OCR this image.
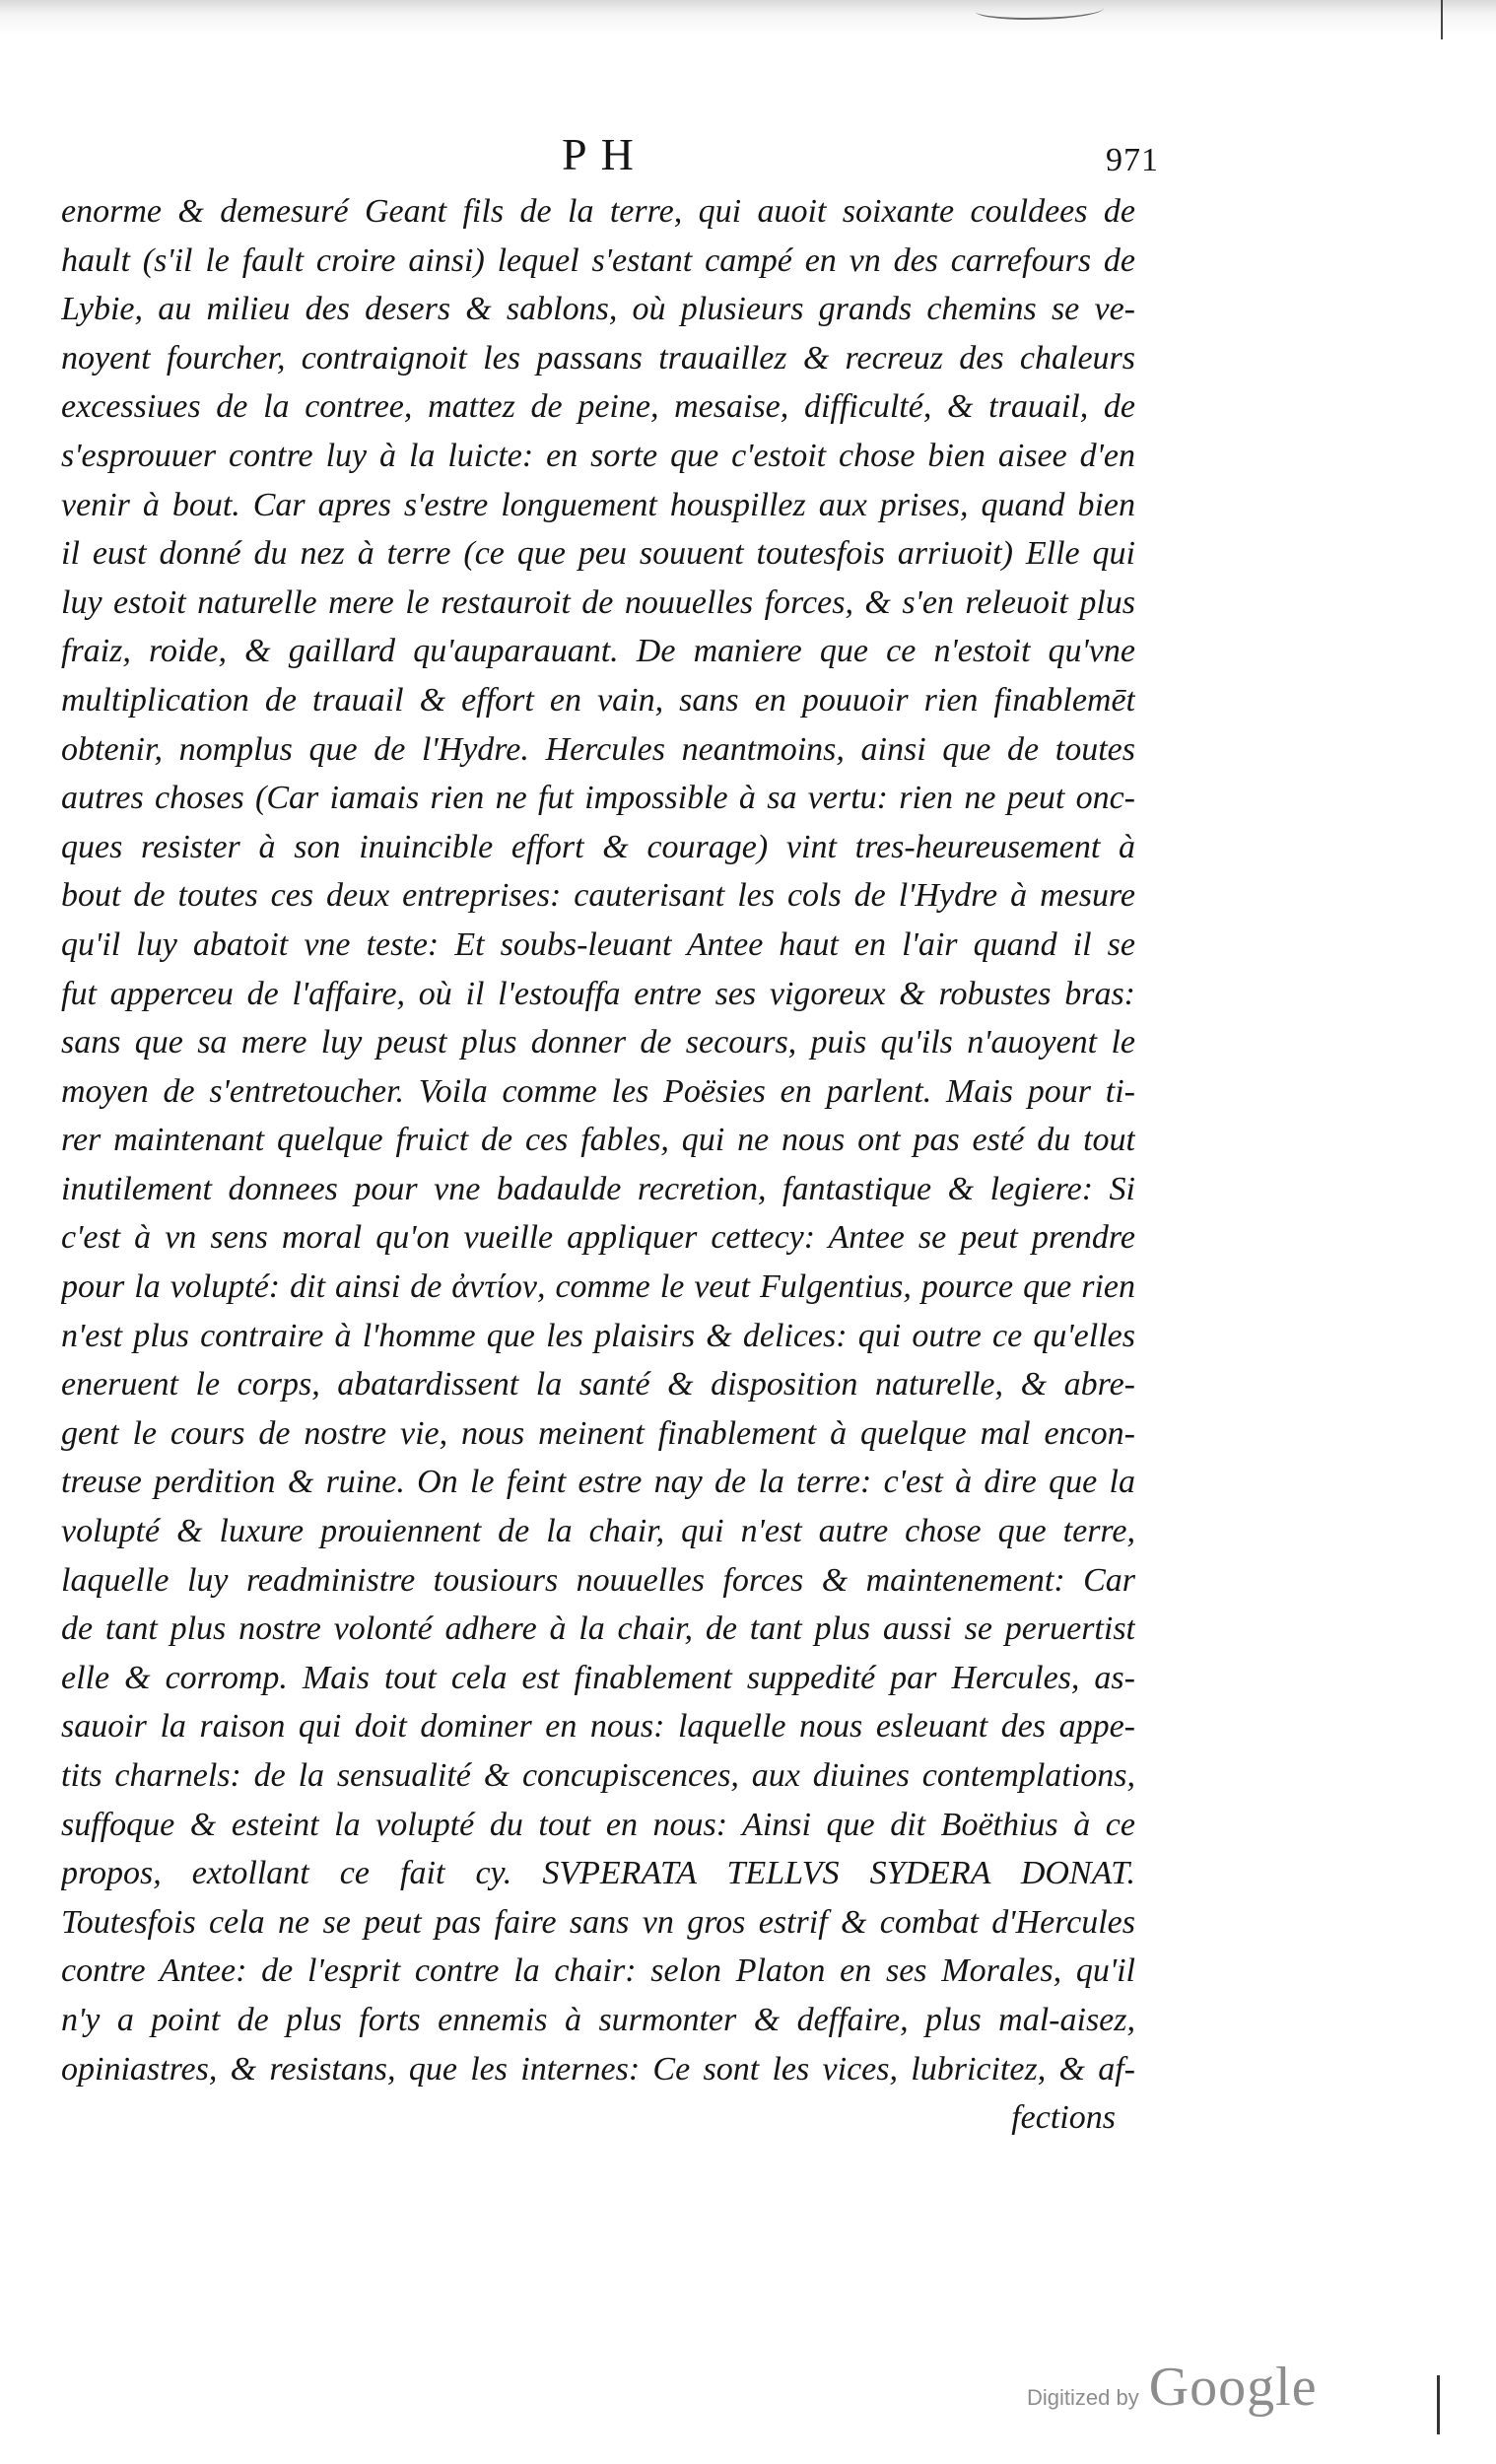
PH	971
enorme & demesuré Geant fils de la terre, qui auoit soixante couldees de
hault (s'il le fault croire ainsi) lequel s'estant campé en vn des carrefours de
Lybie, au milieu des desers & sablons, où plusieurs grands chemins se ve-
noyent fourcher, contraignoit les passans trauaillez & recreuz des chaleurs
excessiues de la contree, mattez de peine, mesaise, difficulté, & trauail, de
s'esprouuer contre luy à la luicte: en sorte que c'estoit chose bien aisee d'en
venir à bout. Car apres s'estre longuement houspillez aux prises, quand bien
il eust donné du nez à terre (ce que peu souuent toutesfois arriuoit) Elle qui
luy estoit naturelle mere le restauroit de nouuelles forces, & s'en releuoit plus
fraiz, roide, & gaillard qu'auparauant. De maniere que ce n'estoit qu'vne
multiplication de trauail & effort en vain, sans en pouuoir rien finablemēt
obtenir, nomplus que de l'Hydre. Hercules neantmoins, ainsi que de toutes
autres choses (Car iamais rien ne fut impossible à sa vertu: rien ne peut onc-
ques resister à son inuincible effort & courage) vint tres-heureusement à
bout de toutes ces deux entreprises: cauterisant les cols de l'Hydre à mesure
qu'il luy abatoit vne teste: Et soubs-leuant Antee haut en l'air quand il se
fut apperceu de l'affaire, où il l'estouffa entre ses vigoreux & robustes bras:
sans que sa mere luy peust plus donner de secours, puis qu'ils n'auoyent le
moyen de s'entretoucher. Voila comme les Poësies en parlent. Mais pour ti-
rer maintenant quelque fruict de ces fables, qui ne nous ont pas esté du tout
inutilement donnees pour vne badaulde recretion, fantastique & legiere: Si
c'est à vn sens moral qu'on vueille appliquer cettecy: Antee se peut prendre
pour la volupté: dit ainsi de ἀντίον, comme le veut Fulgentius, pource que rien
n'est plus contraire à l'homme que les plaisirs & delices: qui outre ce qu'elles
eneruent le corps, abatardissent la santé & disposition naturelle, & abre-
gent le cours de nostre vie, nous meinent finablement à quelque mal encon-
treuse perdition & ruine. On le feint estre nay de la terre: c'est à dire que la
volupté & luxure prouiennent de la chair, qui n'est autre chose que terre,
laquelle luy readministre tousiours nouuelles forces & maintenement: Car
de tant plus nostre volonté adhere à la chair, de tant plus aussi se peruertist
elle & corromp. Mais tout cela est finablement suppedité par Hercules, as-
sauoir la raison qui doit dominer en nous: laquelle nous esleuant des appe-
tits charnels: de la sensualité & concupiscences, aux diuines contemplations,
suffoque & esteint la volupté du tout en nous: Ainsi que dit Boëthius à ce
propos, extollant ce fait cy. SVPERATA TELLVS SYDERA DONAT.
Toutesfois cela ne se peut pas faire sans vn gros estrif & combat d'Hercules
contre Antee: de l'esprit contre la chair: selon Platon en ses Morales, qu'il
n'y a point de plus forts ennemis à surmonter & deffaire, plus mal-aisez,
opiniastres, & resistans, que les internes: Ce sont les vices, lubricitez, & af-
fections
Digitized by Google
